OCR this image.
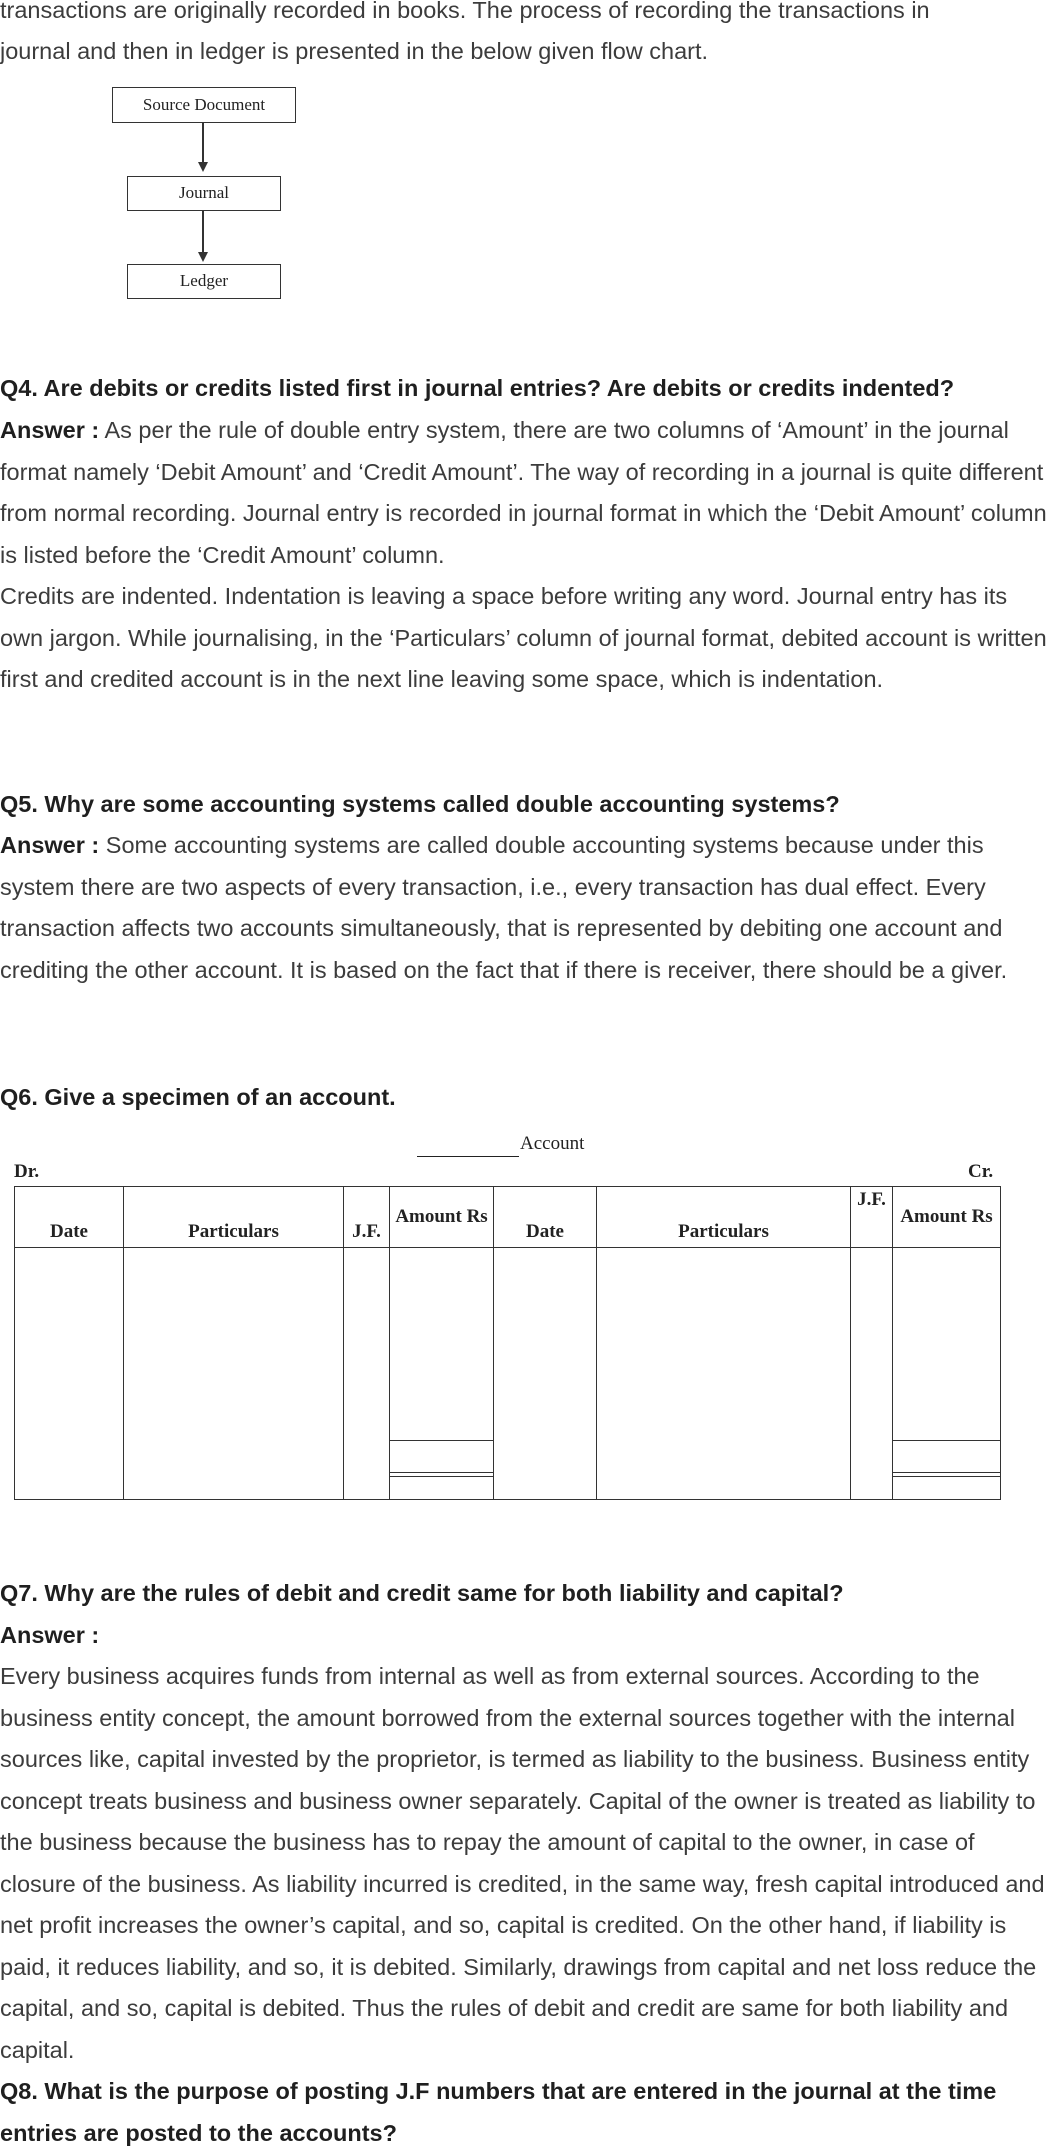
transactions are originally recorded in books. The process of recording the transactions in

journal and then in ledger is presented in the below given flow chart.

Source Document
Journal
Ledger

Q4. Are debits or credits listed first in journal entries? Are debits or credits indented?

Answer : As per the rule of double entry system, there are two columns of ‘Amount’ in the journal format namely ‘Debit Amount’ and ‘Credit Amount’. The way of recording in a journal is quite different from normal recording. Journal entry is recorded in journal format in which the ‘Debit Amount’ column is listed before the ‘Credit Amount’ column.

Credits are indented. Indentation is leaving a space before writing any word. Journal entry has its own jargon. While journalising, in the ‘Particulars’ column of journal format, debited account is written first and credited account is in the next line leaving some space, which is indentation.

Q5. Why are some accounting systems called double accounting systems?

Answer : Some accounting systems are called double accounting systems because under this system there are two aspects of every transaction, i.e., every transaction has dual effect. Every transaction affects two accounts simultaneously, that is represented by debiting one account and crediting the other account. It is based on the fact that if there is receiver, there should be a giver.

Q6. Give a specimen of an account.

Account
Dr.	Cr.
Date	Particulars	J.F.	Amount Rs	Date	Particulars	J.F.	Amount Rs

Q7. Why are the rules of debit and credit same for both liability and capital?

Answer :

Every business acquires funds from internal as well as from external sources. According to the business entity concept, the amount borrowed from the external sources together with the internal sources like, capital invested by the proprietor, is termed as liability to the business. Business entity concept treats business and business owner separately. Capital of the owner is treated as liability to the business because the business has to repay the amount of capital to the owner, in case of closure of the business. As liability incurred is credited, in the same way, fresh capital introduced and net profit increases the owner’s capital, and so, capital is credited. On the other hand, if liability is paid, it reduces liability, and so, it is debited. Similarly, drawings from capital and net loss reduce the capital, and so, capital is debited. Thus the rules of debit and credit are same for both liability and capital.

Q8. What is the purpose of posting J.F numbers that are entered in the journal at the time entries are posted to the accounts?
